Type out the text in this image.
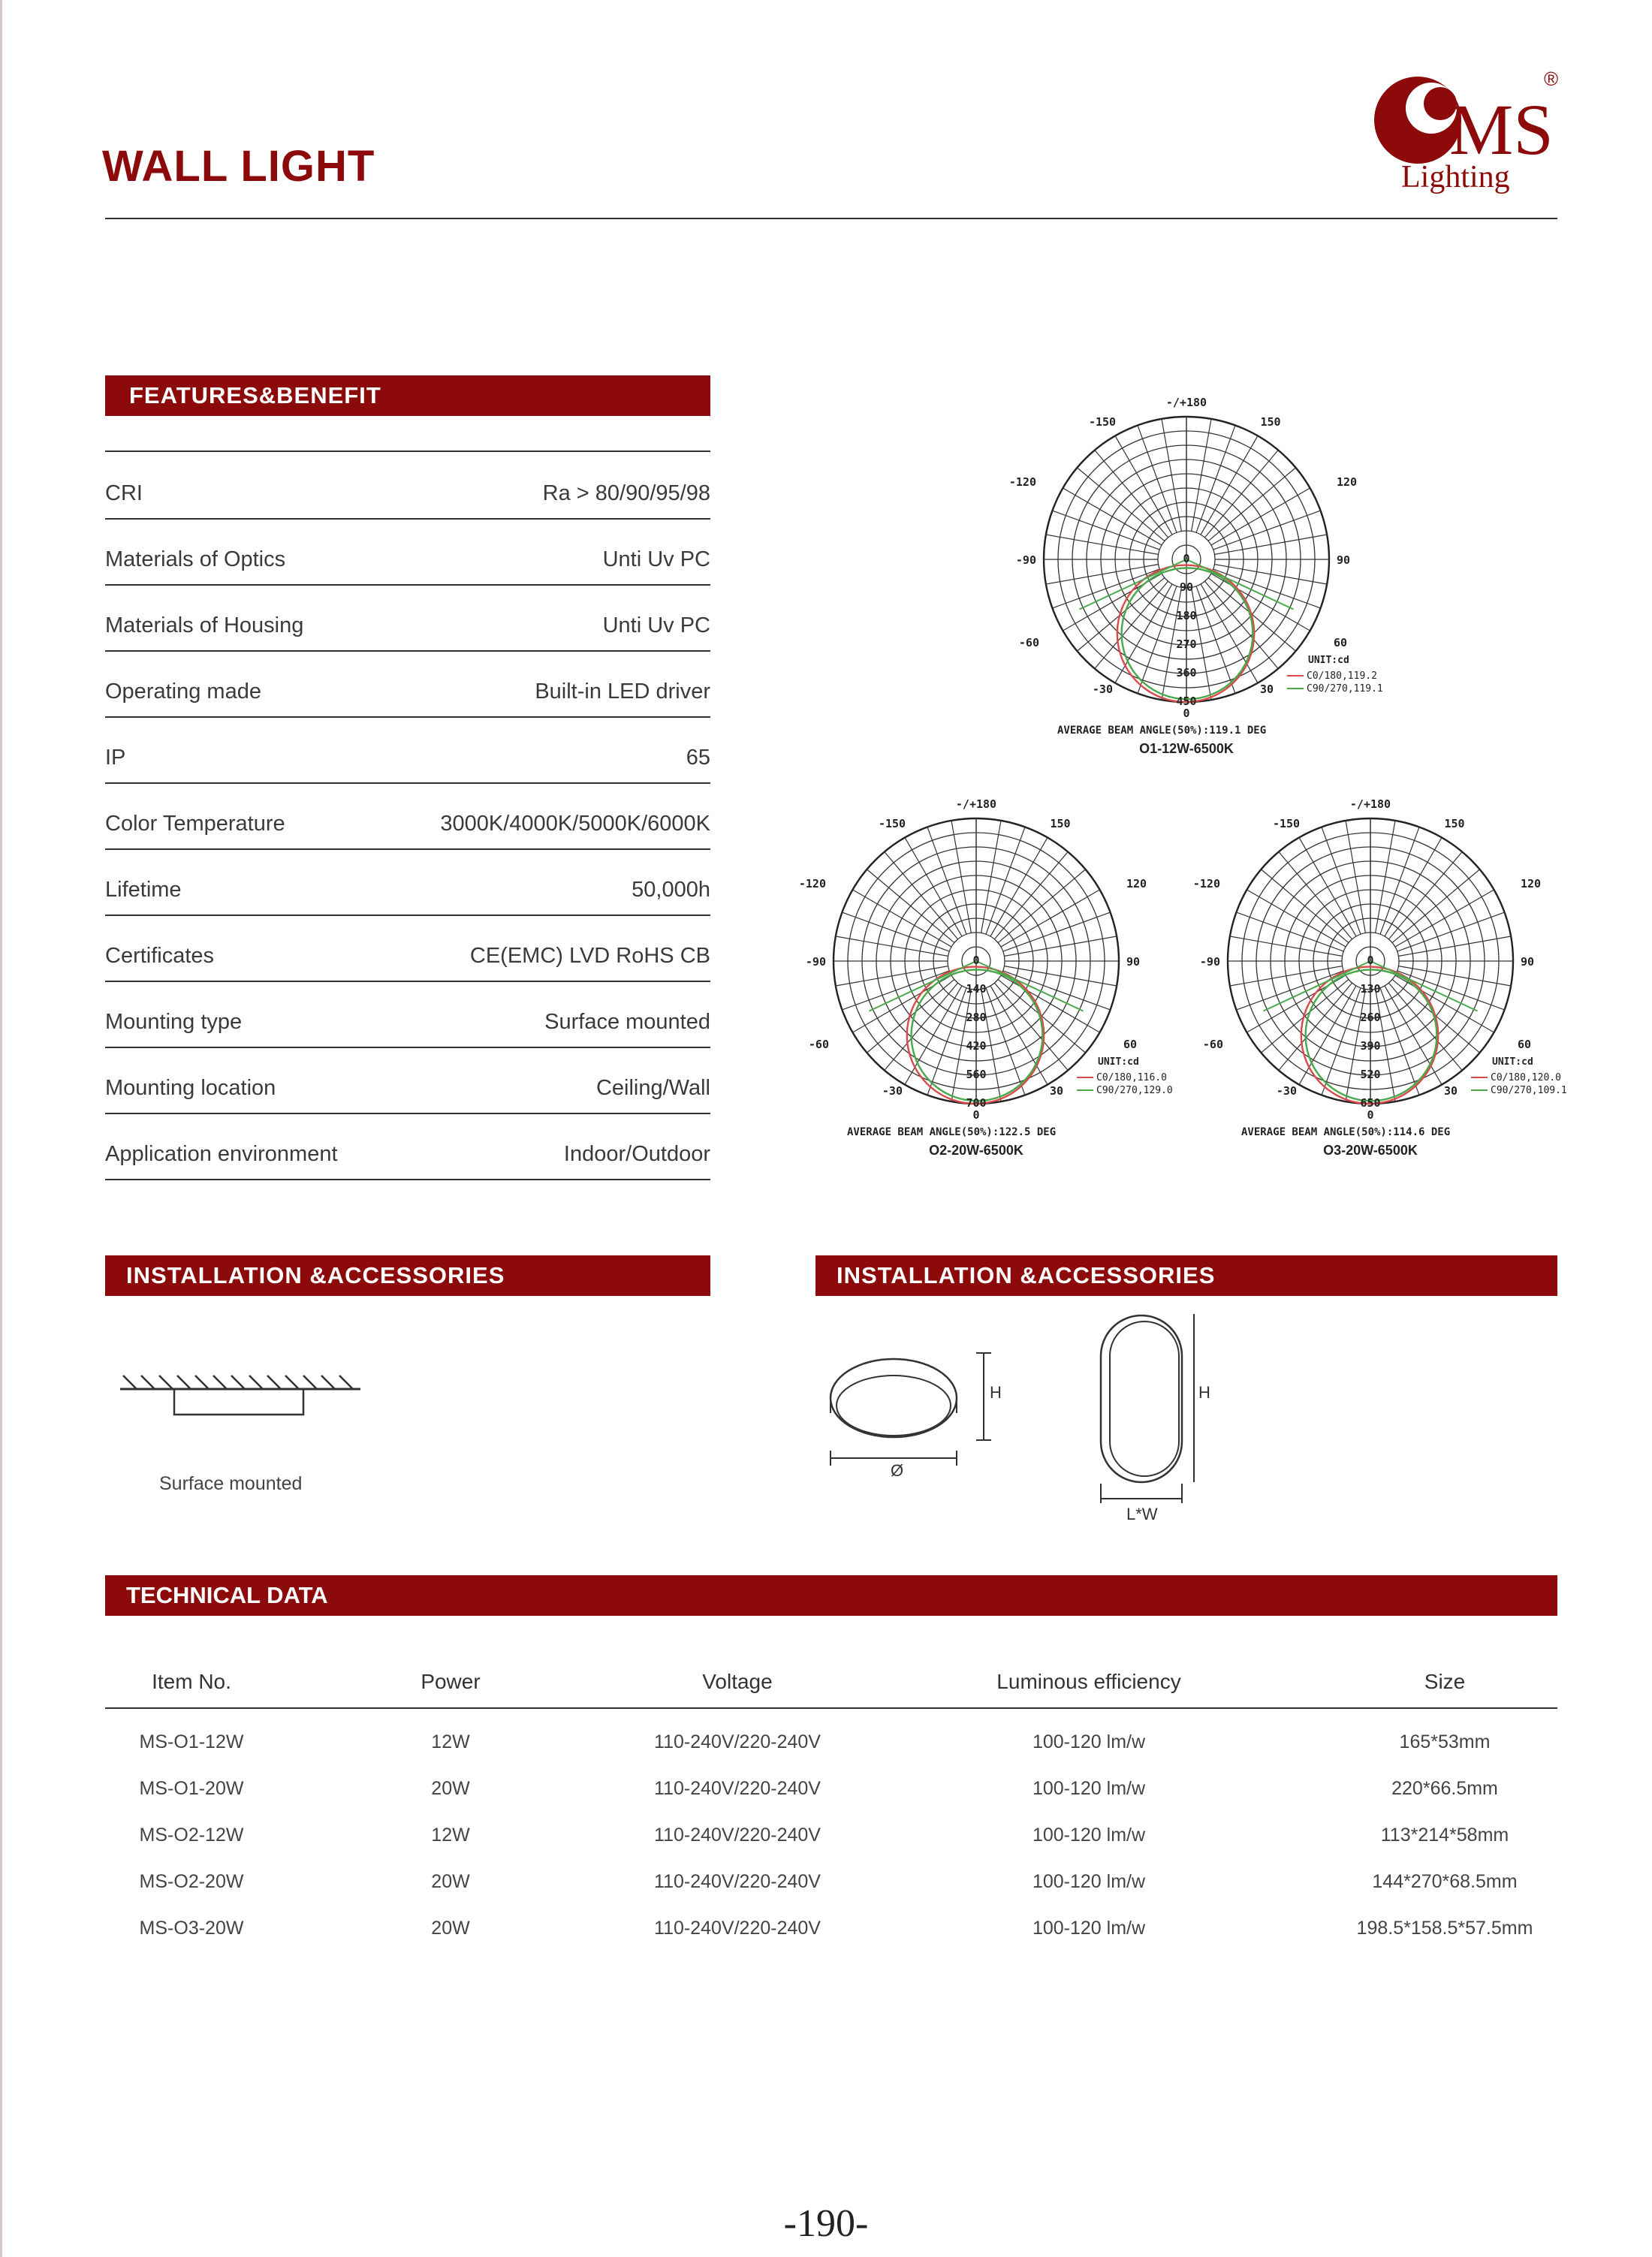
WALL LIGHT	MS
®
Lighting
FEATURES&BENEFIT
CRI	Ra > 80/90/95/98
Materials of Optics	Unti Uv PC
Materials of Housing	Unti Uv PC
Operating made	Built-in LED driver
IP	65
Color Temperature	3000K/4000K/5000K/6000K
Lifetime	50,000h
Certificates	CE(EMC) LVD RoHS CB
Mounting type	Surface mounted
Mounting location	Ceiling/Wall
Application environment	Indoor/Outdoor
0
90
180
270
360
450
-/+180
-150	150
-120	120
-90	90
-60	60
-30	30
0
UNIT:cd
C0/180,119.2
C90/270,119.1
AVERAGE BEAM ANGLE(50%):119.1 DEG
O1-12W-6500K
0
140
280
420
560
700
-/+180
-150	150
-120	120
-90	90
-60	60
-30	30
0
UNIT:cd
C0/180,116.0
C90/270,129.0
AVERAGE BEAM ANGLE(50%):122.5 DEG
O2-20W-6500K
0
130
260
390
520
650
-/+180
-150	150
-120	120
-90	90
-60	60
-30	30
0
UNIT:cd
C0/180,120.0
C90/270,109.1
AVERAGE BEAM ANGLE(50%):114.6 DEG
O3-20W-6500K
INSTALLATION &ACCESSORIES	INSTALLATION &ACCESSORIES
Surface mounted
H
Ø
H
L*W
TECHNICAL DATA
Item No.	Power	Voltage	Luminous efficiency	Size
MS-O1-12W	12W	110-240V/220-240V	100-120 lm/w	165*53mm
MS-O1-20W	20W	110-240V/220-240V	100-120 lm/w	220*66.5mm
MS-O2-12W	12W	110-240V/220-240V	100-120 lm/w	113*214*58mm
MS-O2-20W	20W	110-240V/220-240V	100-120 lm/w	144*270*68.5mm
MS-O3-20W	20W	110-240V/220-240V	100-120 lm/w	198.5*158.5*57.5mm
-190-
